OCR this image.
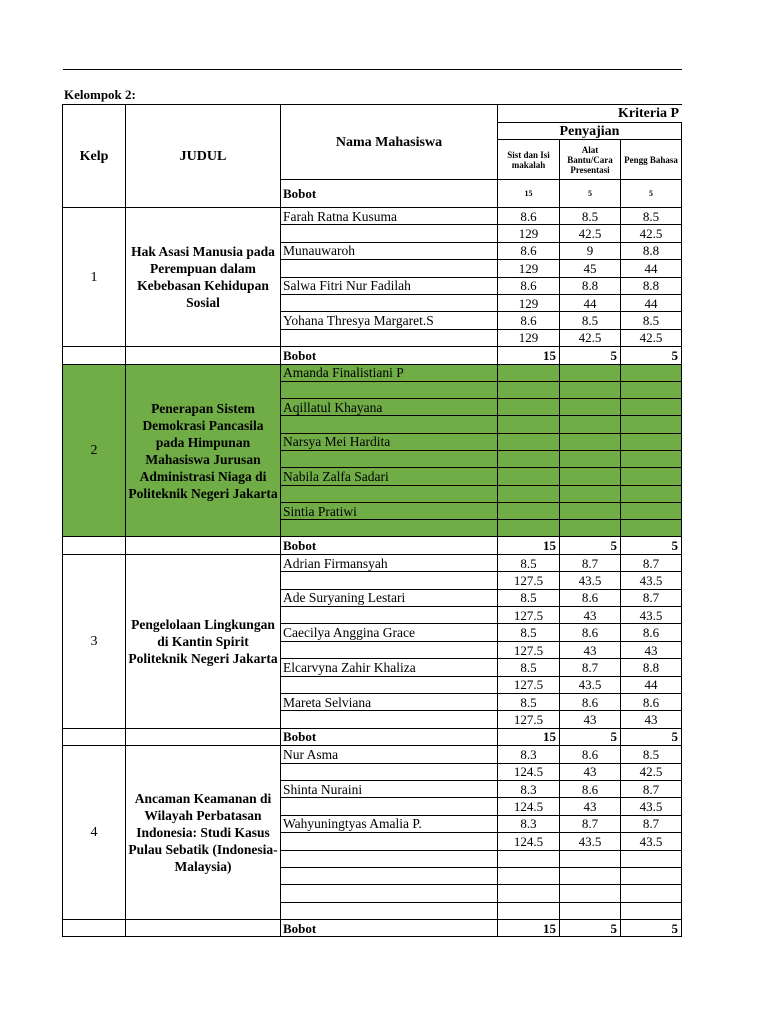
Kelompok 2:
Kelp	JUDUL	Nama Mahasiswa	Kriteria P			
			Penyajian			
			Sist dan Isi makalah	Alat Bantu/Cara Presentasi	Pengg Bahasa	
		Bobot	15	5	5	
1	Hak Asasi Manusia pada Perempuan dalam Kebebasan Kehidupan Sosial	Farah Ratna Kusuma	8.6	8.5	8.5	
			129	42.5	42.5	
		Munauwaroh	8.6	9	8.8	
			129	45	44	
		Salwa Fitri Nur Fadilah	8.6	8.8	8.8	
			129	44	44	
		Yohana Thresya Margaret.S	8.6	8.5	8.5	
			129	42.5	42.5	
		Bobot	15	5	5	
2	Penerapan Sistem Demokrasi Pancasila pada Himpunan Mahasiswa Jurusan Administrasi Niaga di Politeknik Negeri Jakarta	Amanda Finalistiani P				

		Aqillatul Khayana				

		Narsya Mei Hardita				

		Nabila Zalfa Sadari				

		Sintia Pratiwi				

		Bobot	15	5	5	
3	Pengelolaan Lingkungan di Kantin Spirit Politeknik Negeri Jakarta	Adrian Firmansyah	8.5	8.7	8.7	
			127.5	43.5	43.5	
		Ade Suryaning Lestari	8.5	8.6	8.7	
			127.5	43	43.5	
		Caecilya Anggina Grace	8.5	8.6	8.6	
			127.5	43	43	
		Elcarvyna Zahir Khaliza	8.5	8.7	8.8	
			127.5	43.5	44	
		Mareta Selviana	8.5	8.6	8.6	
			127.5	43	43	
		Bobot	15	5	5	
4	Ancaman Keamanan di Wilayah Perbatasan Indonesia: Studi Kasus Pulau Sebatik (Indonesia-Malaysia)	Nur Asma	8.3	8.6	8.5	
			124.5	43	42.5	
		Shinta Nuraini	8.3	8.6	8.7	
			124.5	43	43.5	
		Wahyuningtyas Amalia P.	8.3	8.7	8.7	
			124.5	43.5	43.5	

		Bobot	15	5	5	
